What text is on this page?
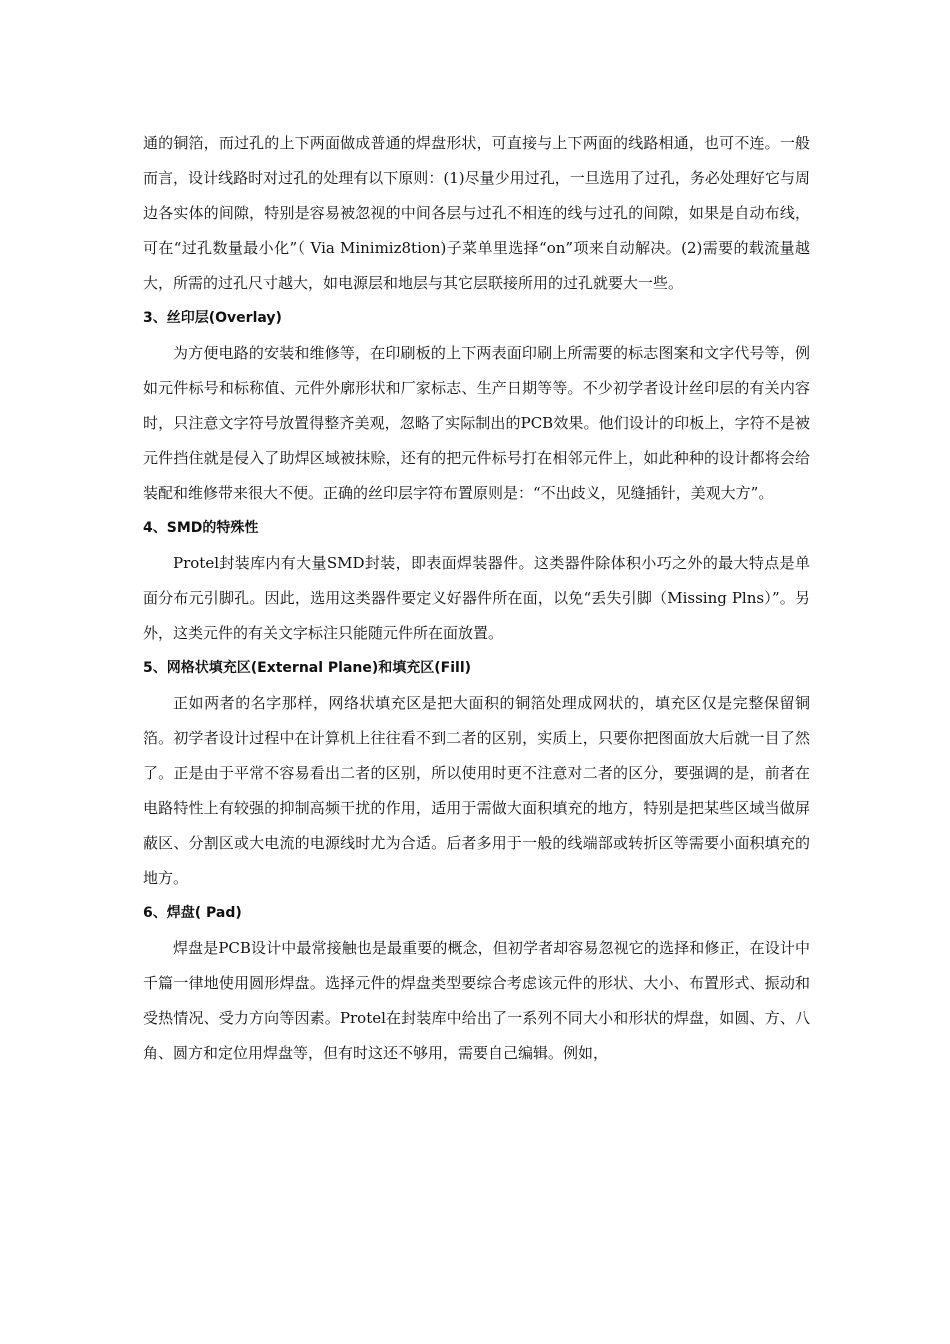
通的铜箔，而过孔的上下两面做成普通的焊盘形状，可直接与上下两面的线路相通，也可不连。一般而言，设计线路时对过孔的处理有以下原则：(1)尽量少用过孔，一旦选用了过孔，务必处理好它与周边各实体的间隙，特别是容易被忽视的中间各层与过孔不相连的线与过孔的间隙，如果是自动布线，可在“过孔数量最小化”（ Via Minimiz8tion)子菜单里选择“on”项来自动解决。(2)需要的载流量越大，所需的过孔尺寸越大，如电源层和地层与其它层联接所用的过孔就要大一些。

3、丝印层(Overlay)

为方便电路的安装和维修等，在印刷板的上下两表面印刷上所需要的标志图案和文字代号等，例如元件标号和标称值、元件外廓形状和厂家标志、生产日期等等。不少初学者设计丝印层的有关内容时，只注意文字符号放置得整齐美观，忽略了实际制出的PCB效果。他们设计的印板上，字符不是被元件挡住就是侵入了助焊区域被抹赊，还有的把元件标号打在相邻元件上，如此种种的设计都将会给装配和维修带来很大不便。正确的丝印层字符布置原则是：“不出歧义，见缝插针，美观大方”。

4、SMD的特殊性

Protel封装库内有大量SMD封装，即表面焊装器件。这类器件除体积小巧之外的最大特点是单面分布元引脚孔。因此，选用这类器件要定义好器件所在面，以免“丢失引脚（Missing Plns）”。另外，这类元件的有关文字标注只能随元件所在面放置。

5、网格状填充区(External Plane)和填充区(Fill)

正如两者的名字那样，网络状填充区是把大面积的铜箔处理成网状的，填充区仅是完整保留铜箔。初学者设计过程中在计算机上往往看不到二者的区别，实质上，只要你把图面放大后就一目了然了。正是由于平常不容易看出二者的区别，所以使用时更不注意对二者的区分，要强调的是，前者在电路特性上有较强的抑制高频干扰的作用，适用于需做大面积填充的地方，特别是把某些区域当做屏蔽区、分割区或大电流的电源线时尤为合适。后者多用于一般的线端部或转折区等需要小面积填充的地方。

6、焊盘( Pad)

焊盘是PCB设计中最常接触也是最重要的概念，但初学者却容易忽视它的选择和修正，在设计中千篇一律地使用圆形焊盘。选择元件的焊盘类型要综合考虑该元件的形状、大小、布置形式、振动和受热情况、受力方向等因素。Protel在封装库中给出了一系列不同大小和形状的焊盘，如圆、方、八角、圆方和定位用焊盘等，但有时这还不够用，需要自己编辑。例如，
